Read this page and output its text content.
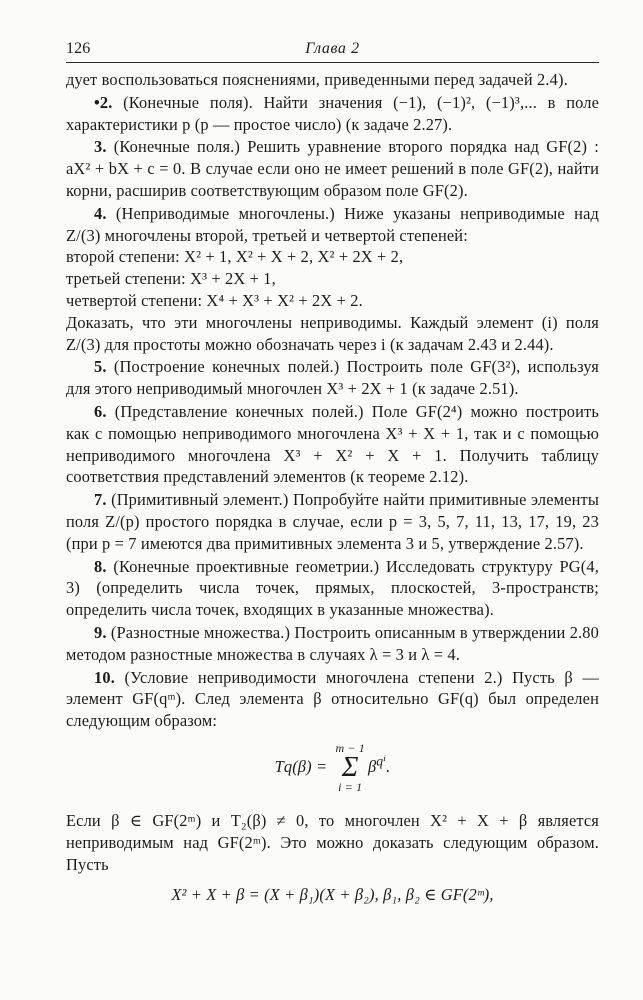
126	Глава 2

дует воспользоваться пояснениями, приведенными перед задачей 2.4).

•2. (Конечные поля). Найти значения (−1), (−1)², (−1)³,... в поле характеристики p (p — простое число) (к задаче 2.27).

3. (Конечные поля.) Решить уравнение второго порядка над GF(2) : aX² + bX + c = 0. В случае если оно не имеет решений в поле GF(2), найти корни, расширив соответствующим образом поле GF(2).

4. (Неприводимые многочлены.) Ниже указаны неприводимые над Z/(3) многочлены второй, третьей и четвертой степеней:

второй степени: X² + 1, X² + X + 2, X² + 2X + 2,

третьей степени: X³ + 2X + 1,

четвертой степени: X⁴ + X³ + X² + 2X + 2.

Доказать, что эти многочлены неприводимы. Каждый элемент (i) поля Z/(3) для простоты можно обозначать через i (к задачам 2.43 и 2.44).

5. (Построение конечных полей.) Построить поле GF(3²), используя для этого неприводимый многочлен X³ + 2X + 1 (к задаче 2.51).

6. (Представление конечных полей.) Поле GF(2⁴) можно построить как с помощью неприводимого многочлена X³ + X + 1, так и с помощью неприводимого многочлена X³ + X² + X + 1. Получить таблицу соответствия представлений элементов (к теореме 2.12).

7. (Примитивный элемент.) Попробуйте найти примитивные элементы поля Z/(p) простого порядка в случае, если p = 3, 5, 7, 11, 13, 17, 19, 23 (при p = 7 имеются два примитивных элемента 3 и 5, утверждение 2.57).

8. (Конечные проективные геометрии.) Исследовать структуру PG(4, 3) (определить числа точек, прямых, плоскостей, 3-пространств; определить числа точек, входящих в указанные множества).

9. (Разностные множества.) Построить описанным в утверждении 2.80 методом разностные множества в случаях λ = 3 и λ = 4.

10. (Условие неприводимости многочлена степени 2.) Пусть β — элемент GF(qᵐ). След элемента β относительно GF(q) был определен следующим образом:

Tq(β) =
m − 1
Σ
i = 1
$\beta^{q^i}$.

Если β ∈ GF(2ᵐ) и T₂(β) ≠ 0, то многочлен X² + X + β является неприводимым над GF(2ᵐ). Это можно доказать следующим образом. Пусть

X² + X + β = (X + β₁)(X + β₂), β₁, β₂ ∈ GF(2ᵐ),
